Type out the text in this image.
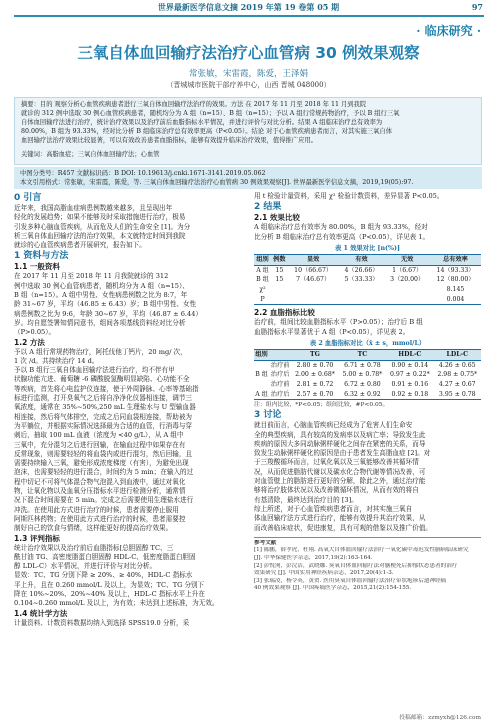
世界最新医学信息文摘 2019 年第 19 卷第 05 期	97
· 临床研究 ·
三氧自体血回输疗法治疗心血管病 30 例效果观察
常张敏，宋雷霞，陈爱，王泽娟
（晋城城市医院干部疗养中心，山西 晋城 048000）
摘要：目的 观察分析心血管疾病患者进行三氧自体血回输疗法治疗的效果。方法 在 2017 年 11 月至 2018 年 11 月到我院
就诊的 312 例中选取 30 例心血管疾病患者，随机均分为 A 组（n=15）、B 组（n=15）；予以 A 组行常规药物治疗，予以 B 组行三氧
自体血回输疗法进行治疗，统计治疗效果以及治疗前后血脂指标水平情况，并进行评价与对比分析。结果 A 组临床治疗总有效率为
80.00%，B 组为 93.33%，经对比分析 B 组临床治疗总有效率更高（P<0.05）。结论 对于心血管疾病患者而言，对其实施三氧自体
血回输疗法治疗效果比较显著，可以有效改善患者血脂指标，能够有效提升临床治疗效果，值得推广应用。
关键词：高脂血症；三氧自体血回输疗法；心血管
中图分类号：R457 文献标识码：B DOI: 10.19613/j.cnki.1671-3141.2019.05.062
本文引用格式：常张敏，宋雷霞，陈爱，等. 三氧自体血回输疗法治疗心血管病 30 例效果观察[J]. 世界最新医学信息文摘，2019,19(05):97.
0 引言
近年来，我国高脂血症病患例数越来越多，且呈现出年
轻化的发展趋势；如果不能够及时采取措施进行治疗，极易
引发多种心脑血管疾病，从而危及人们的生命安全 [1]。为分
析三氧自体血回输疗法的治疗效果，本文就特定时间到我院
就诊的心血管疾病患者开展研究，报告如下。
1 资料与方法
1.1 一般资料
在 2017 年 11 月至 2018 年 11 月我院就诊的 312
例中选取 30 例心血管病患者，随机均分为 A 组（n=15）、
B 组（n=15）。A 组中男性、女性病患例数之比为 8:7，年
龄 31~67 岁，平均（46.85 ± 6.43）岁；B 组中男性、女性
病患例数之比为 9:6，年龄 30~67 岁，平均（46.87 ± 6.44）
岁。均自愿签署知情同意书，组间各项基线资料经对比分析
（P>0.05）。
1.2 方法
予以 A 组行常规药物治疗，阿托伐他丁钙片，20 mg/ 次，
1 次 /d。共持续治疗 14 d。
予以 B 组行三氧自体血回输疗法进行治疗，均不伴有甲
状腺功能亢进、葡萄糖 -6 磷酸脱氢酶明显缺陷、心功能不全
等疾病，首先将心电监护仪连接，使于外周静脉、心率等基础指
标进行监测，打开臭氧气之后将自净净化仪器相连接，调节三
氧浓度，通常在 35%~50%,250 mL 生理盐水与 U 型输血器
相连接，然后将气体排空，完成之后同血袋相连接，帮助被为
为平躺位，并根据实际情况选择最为合适的血管，行消毒与穿
刺后，抽取 100 mL 血液（浓度为 <40 g/L），从 A 组中
三氧中，充分混匀之后进行回输，在输血过程中如果存在有
反常现象，则需要轻轻的将血袋内或进行混匀，然后回输，且
需要持续输入三氧，避免形成浓度梯度（有害），为避免出现
泡沫，也需要轻轻的进行混合，时间约为 5 min；在输入的过
程中切记不可将气体混合物气泡混入到血液中，通过对氧化
物，让氧化物以及血氧分压指标水平进行检测分析，通常情
况下混合时间需要在 5 min。完成之后需要使用生理盐水进行
冲洗。在使用此方式进行治疗的时候，患者需要停止服用
阿斯匹林药物；在使用此方式进行治疗的时候，患者需要控
制好自己的饮食与情绪，这样能更好的提高治疗效果。
1.3 评判指标
统计治疗效果以及治疗前后血脂指标[总胆固醇 TC、三
酰甘油 TG、高密度脂蛋白胆固醇 HDL-C、低密度脂蛋白胆固
醇 LDL-C）水平情况，并进行评价与对比分析。
显效：TC、TG 分别下降 ≥ 20%、≥ 40%，HDL-C 指标水
平上升，且在 0.260 mmol/L 及以上，为显效；TC、TG 分别下
降在 10%~20%、20%~40% 及以上，HDL-C 指标水平上升在
0.104~0.260 mmol/L 及以上，为有效；未达到上述标准，为无效。
1.4 统计学方法
计量资料、计数资料数据均纳入到选择 SPSS19.0 分析，采
用 t 检验计量资料，采用 χ² 检验计数资料，差异显著 P<0.05。
2 结果
2.1 效果比较
A 组临床治疗总有效率为 80.00%，B 组为 93.33%，经对
比分析 B 组临床治疗总有效率更高（P<0.05），详见表 1。
表 1 效果对比 [n(%)]
组别	例数	显效	有效	无效	总有效率
A 组	15	10（66.67）	4（26.66）	1（6.67）	14（93.33）
B 组	15	7（46.67）	5（33.33）	3（20.00）	12（80.00）
χ²					8.145
P					0.004
2.2 血脂指标比较
治疗前，组间比较血脂指标水平（P>0.05）；治疗后 B 组
血脂指标水平显著优于 A 组（P<0.05），详见表 2。
表 2 血脂指标对比（x̄ ± s，mmol/L）
组别		TG	TC	HDL-C	LDL-C
	治疗前	2.80 ± 0.70	6.71 ± 0.78	0.90 ± 0.14	4.26 ± 0.65
B 组	治疗后	2.00 ± 0.68*	5.00 ± 0.78*	0.97 ± 0.22*	2.98 ± 0.75*
	治疗前	2.81 ± 0.72	6.72 ± 0.80	0.91 ± 0.16	4.27 ± 0.67
A 组	治疗后	2.57 ± 0.70	6.32 ± 0.92	0.92 ± 0.18	3.95 ± 0.78
注：组内比较，*P<0.05；组间比较，#P<0.05。
3 讨论
就目前而言，心脑血管疾病已经成为了危害人们生命安
全的典型疾病，具有较高的发病率以及病亡率；导致发生此
疾病的原因大多同动脉粥样硬化之间存在紧密的关系，而导
致发生动脉粥样硬化的原因是由于患者发生高脂血症 [2]。对
于三羧酸循环而言，过氧化氧以及三氧能够改善其循环情
况，从而促进脂肪代谢以及碳水化合物代谢等情况改善，可
对血管壁上的脂肪进行更好的分解，除此之外，通过治疗能
够将治疗肢体状况以及改善微循环情况，从而有效的将自
有基清除，最终达到治疗目的 [3]。
综上所述，对于心血管疾病患者而言，对其实施三氧自
体血回输疗法方式进行治疗，能够有效提升其治疗效果，从
而改善临床症状，促进康复，具有可观的借鉴以及推广价值。
参考文献
[1] 陈鹏，薛孝虎，杜翔. 高氧大自体血回输疗法治疗一氧化碳中毒迟发性脑病临床研究
[J]. 中华保健医学杂志，2017,19(2):163-164.
[2] 彭悦洵，彭浣洁，武晓娜. 臭氧自体血回输疗法对脑梗死后抑郁状态患者的治疗
效果研究 [J]. 中国实用神经疾病杂志，2017,20(4):1-3.
[3] 张瑞凌，杨令英，黄贺. 医用臭氧自体血回输疗法治疗带状疱疹后遗神经痛
40 例效果观察 [J]. 中国疼痛医学杂志，2015,21(2):154-155.
投稿邮箱：zzmyxh@126.com
